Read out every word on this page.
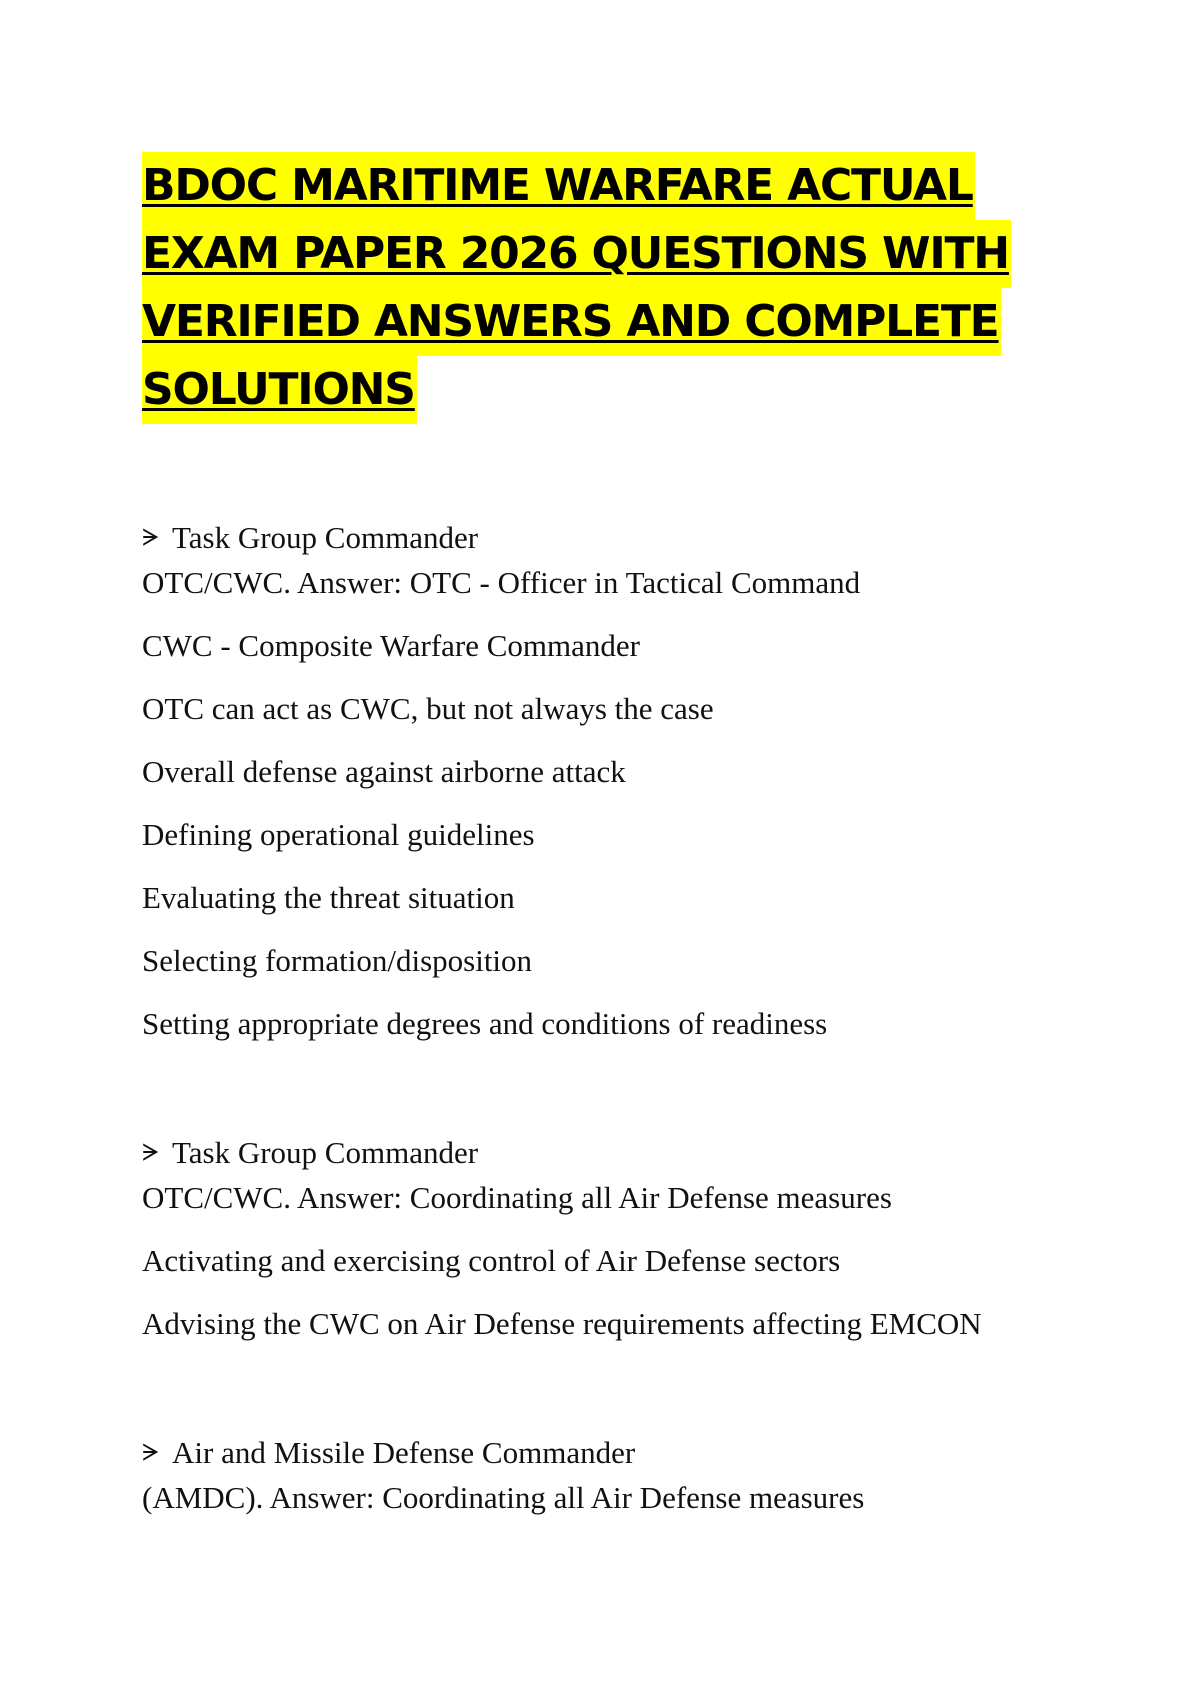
BDOC MARITIME WARFARE ACTUAL
EXAM PAPER 2026 QUESTIONS WITH
VERIFIED ANSWERS AND COMPLETE
SOLUTIONS

ᗒ Task Group Commander

OTC/CWC. Answer: OTC - Officer in Tactical Command

CWC - Composite Warfare Commander

OTC can act as CWC, but not always the case

Overall defense against airborne attack

Defining operational guidelines

Evaluating the threat situation

Selecting formation/disposition

Setting appropriate degrees and conditions of readiness

ᗒ Task Group Commander

OTC/CWC. Answer: Coordinating all Air Defense measures

Activating and exercising control of Air Defense sectors

Advising the CWC on Air Defense requirements affecting EMCON

ᗒ Air and Missile Defense Commander

(AMDC). Answer: Coordinating all Air Defense measures
